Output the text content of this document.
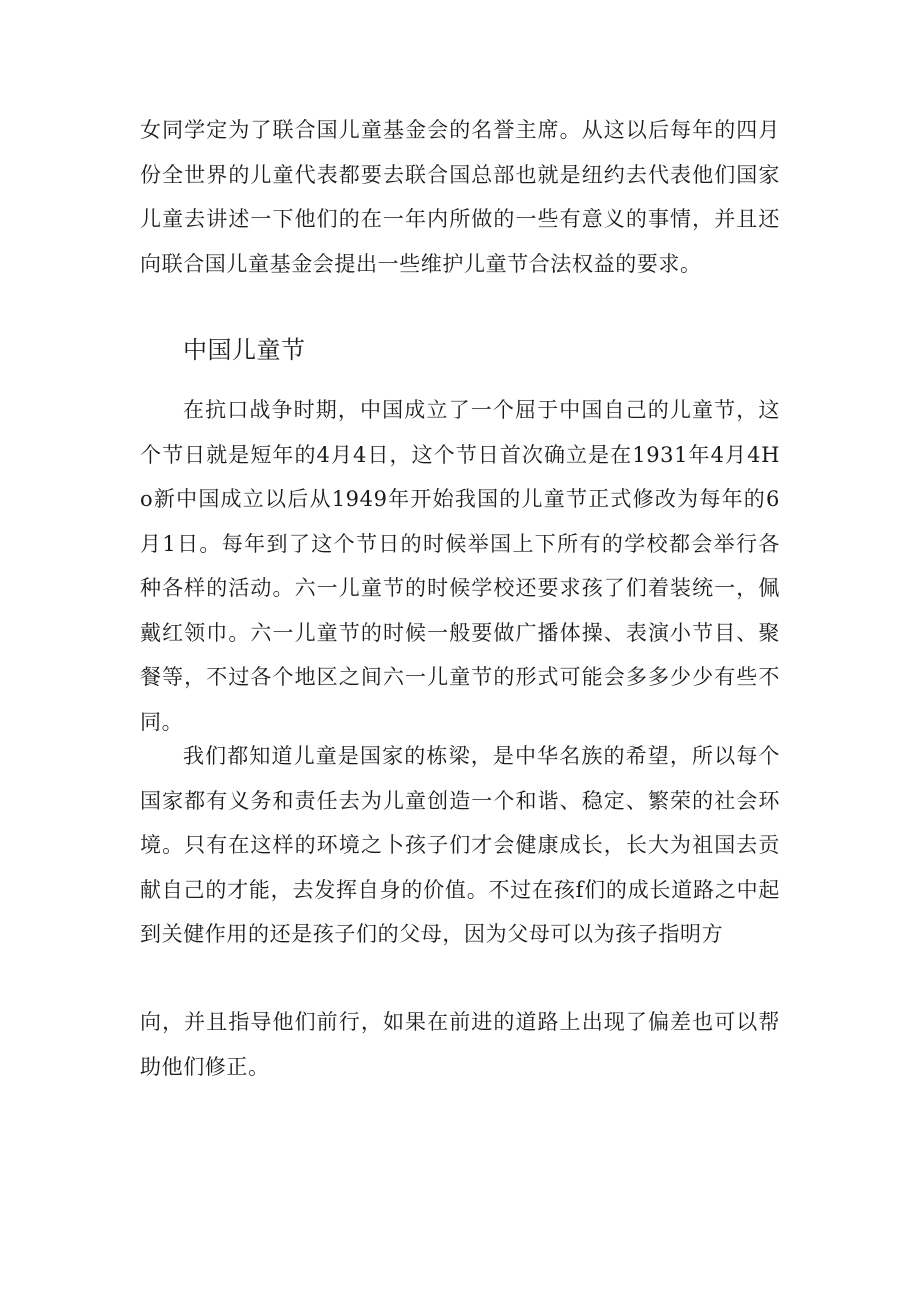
女同学定为了联合国儿童基金会的名誉主席。从这以后每年的四月份全世界的儿童代表都要去联合国总部也就是纽约去代表他们国家儿童去讲述一下他们的在一年内所做的一些有意义的事情，并且还向联合国儿童基金会提出一些维护儿童节合法权益的要求。

中国儿童节

在抗口战争时期，中国成立了一个屈于中国自己的儿童节，这个节日就是短年的4月4日，这个节日首次确立是在1931年4月4Ho新中国成立以后从1949年开始我国的儿童节正式修改为每年的6月1日。每年到了这个节日的时候举国上下所有的学校都会举行各种各样的活动。六一儿童节的时候学校还要求孩了们着装统一，佩戴红领巾。六一儿童节的时候一般要做广播体操、表演小节目、聚餐等，不过各个地区之间六一儿童节的形式可能会多多少少有些不同。

我们都知道儿童是国家的栋梁，是中华名族的希望，所以每个国家都有义务和责任去为儿童创造一个和谐、稳定、繁荣的社会环境。只有在这样的环境之卜孩子们才会健康成长，长大为祖国去贡献自己的才能，去发挥自身的价值。不过在孩f们的成长道路之中起到关健作用的还是孩子们的父母，因为父母可以为孩子指明方

向，并且指导他们前行，如果在前进的道路上出现了偏差也可以帮助他们修正。
